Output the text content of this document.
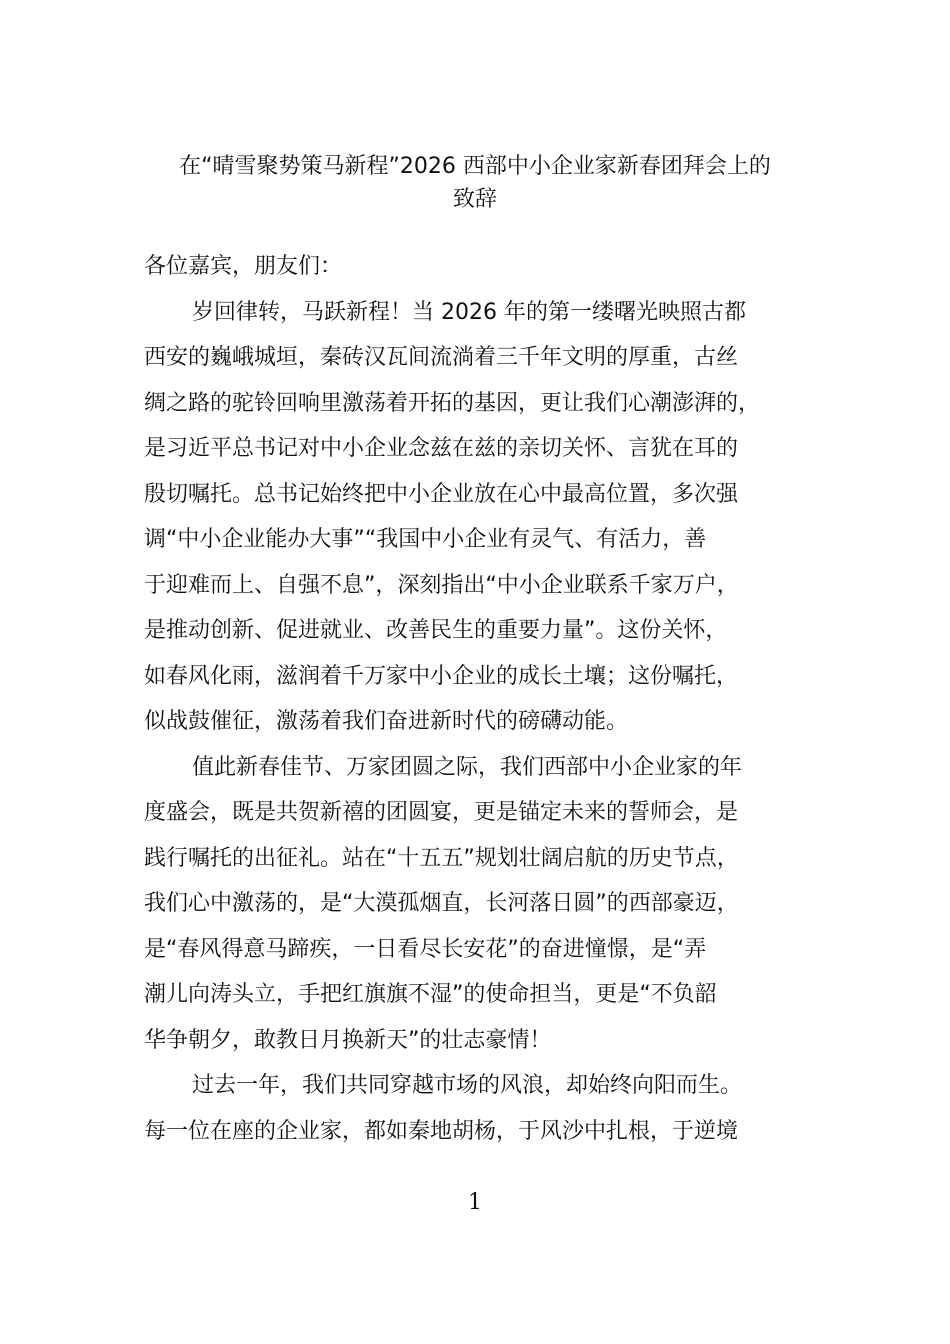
在“晴雪聚势策马新程”2026 西部中小企业家新春团拜会上的
致辞
各位嘉宾，朋友们：
岁回律转，马跃新程！当 2026 年的第一缕曙光映照古都
西安的巍峨城垣，秦砖汉瓦间流淌着三千年文明的厚重，古丝
绸之路的驼铃回响里激荡着开拓的基因，更让我们心潮澎湃的，
是习近平总书记对中小企业念兹在兹的亲切关怀、言犹在耳的
殷切嘱托。总书记始终把中小企业放在心中最高位置，多次强
调“中小企业能办大事”“我国中小企业有灵气、有活力，善
于迎难而上、自强不息”，深刻指出“中小企业联系千家万户，
是推动创新、促进就业、改善民生的重要力量”。这份关怀，
如春风化雨，滋润着千万家中小企业的成长土壤；这份嘱托，
似战鼓催征，激荡着我们奋进新时代的磅礴动能。
值此新春佳节、万家团圆之际，我们西部中小企业家的年
度盛会，既是共贺新禧的团圆宴，更是锚定未来的誓师会，是
践行嘱托的出征礼。站在“十五五”规划壮阔启航的历史节点，
我们心中激荡的，是“大漠孤烟直，长河落日圆”的西部豪迈，
是“春风得意马蹄疾，一日看尽长安花”的奋进憧憬，是“弄
潮儿向涛头立，手把红旗旗不湿”的使命担当，更是“不负韶
华争朝夕，敢教日月换新天”的壮志豪情！
过去一年，我们共同穿越市场的风浪，却始终向阳而生。
每一位在座的企业家，都如秦地胡杨，于风沙中扎根，于逆境
1
